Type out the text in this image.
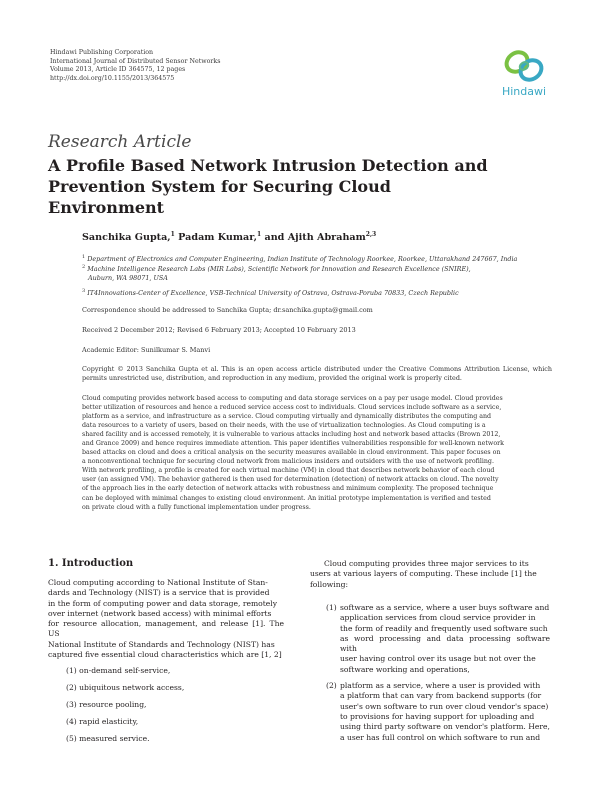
Hindawi Publishing Corporation
International Journal of Distributed Sensor Networks
Volume 2013, Article ID 364575, 12 pages
http://dx.doi.org/10.1155/2013/364575
Hindawi
Research Article
A Profile Based Network Intrusion Detection and
Prevention System for Securing Cloud Environment
Sanchika Gupta,$^1$ Padam Kumar,$^1$ and Ajith Abraham$^{2,3}$
$^1$ Department of Electronics and Computer Engineering, Indian Institute of Technology Roorkee, Roorkee, Uttarakhand 247667, India
$^2$ Machine Intelligence Research Labs (MIR Labs), Scientific Network for Innovation and Research Excellence (SNIRE),
Auburn, WA 98071, USA
$^3$ IT4Innovations-Center of Excellence, VSB-Technical University of Ostrava, Ostrava-Poruba 70833, Czech Republic
Correspondence should be addressed to Sanchika Gupta; dr.sanchika.gupta@gmail.com
Received 2 December 2012; Revised 6 February 2013; Accepted 10 February 2013
Academic Editor: Sunilkumar S. Manvi
Copyright © 2013 Sanchika Gupta et al. This is an open access article distributed under the Creative Commons Attribution License, which permits unrestricted use, distribution, and reproduction in any medium, provided the original work is properly cited.
Cloud computing provides network based access to computing and data storage services on a pay per usage model. Cloud provides
better utilization of resources and hence a reduced service access cost to individuals. Cloud services include software as a service,
platform as a service, and infrastructure as a service. Cloud computing virtually and dynamically distributes the computing and
data resources to a variety of users, based on their needs, with the use of virtualization technologies. As Cloud computing is a
shared facility and is accessed remotely, it is vulnerable to various attacks including host and network based attacks (Brown 2012,
and Grance 2009) and hence requires immediate attention. This paper identifies vulnerabilities responsible for well-known network
based attacks on cloud and does a critical analysis on the security measures available in cloud environment. This paper focuses on
a nonconventional technique for securing cloud network from malicious insiders and outsiders with the use of network profiling.
With network profiling, a profile is created for each virtual machine (VM) in cloud that describes network behavior of each cloud
user (an assigned VM). The behavior gathered is then used for determination (detection) of network attacks on cloud. The novelty
of the approach lies in the early detection of network attacks with robustness and minimum complexity. The proposed technique
can be deployed with minimal changes to existing cloud environment. An initial prototype implementation is verified and tested
on private cloud with a fully functional implementation under progress.
1. Introduction
Cloud computing according to National Institute of Stan-
dards and Technology (NIST) is a service that is provided
in the form of computing power and data storage, remotely
over internet (network based access) with minimal efforts
for resource allocation, management, and release [1]. The US
National Institute of Standards and Technology (NIST) has
captured five essential cloud characteristics which are [1, 2]
(1) on-demand self-service,
(2) ubiquitous network access,
(3) resource pooling,
(4) rapid elasticity,
(5) measured service.
Cloud computing provides three major services to its
users at various layers of computing. These include [1] the
following:
(1) software as a service, where a user buys software and
application services from cloud service provider in
the form of readily and frequently used software such
as word processing and data processing software with
user having control over its usage but not over the
software working and operations,
(2) platform as a service, where a user is provided with
a platform that can vary from backend supports (for
user's own software to run over cloud vendor's space)
to provisions for having support for uploading and
using third party software on vendor's platform. Here,
a user has full control on which software to run and
